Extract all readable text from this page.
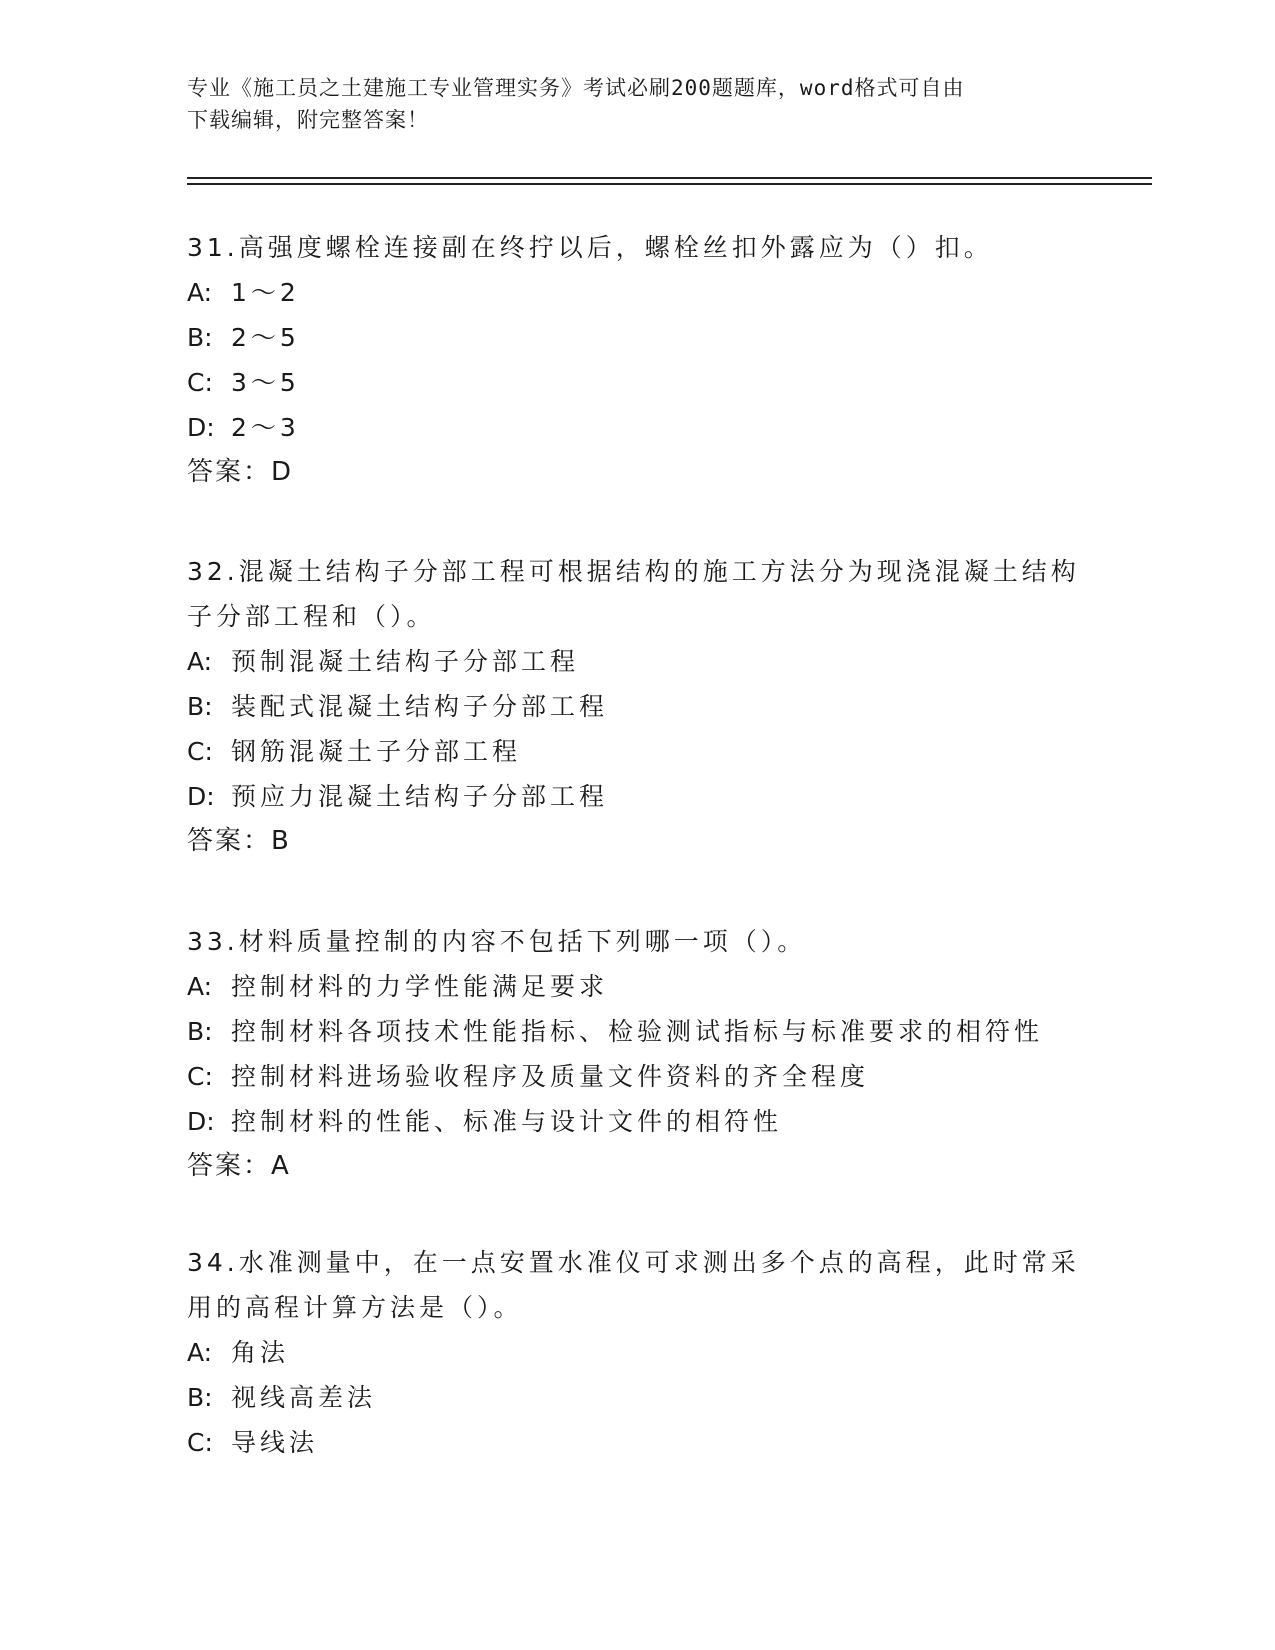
专业《施工员之土建施工专业管理实务》考试必刷200题题库，word格式可自由
下载编辑，附完整答案！
31.高强度螺栓连接副在终拧以后，螺栓丝扣外露应为（）扣。
A: 1～2
B: 2～5
C: 3～5
D: 2～3
答案：D
32.混凝土结构子分部工程可根据结构的施工方法分为现浇混凝土结构
子分部工程和（）。
A: 预制混凝土结构子分部工程
B: 装配式混凝土结构子分部工程
C: 钢筋混凝土子分部工程
D: 预应力混凝土结构子分部工程
答案：B
33.材料质量控制的内容不包括下列哪一项（）。
A: 控制材料的力学性能满足要求
B: 控制材料各项技术性能指标、检验测试指标与标准要求的相符性
C: 控制材料进场验收程序及质量文件资料的齐全程度
D: 控制材料的性能、标准与设计文件的相符性
答案：A
34.水准测量中，在一点安置水准仪可求测出多个点的高程，此时常采
用的高程计算方法是（）。
A: 角法
B: 视线高差法
C: 导线法
